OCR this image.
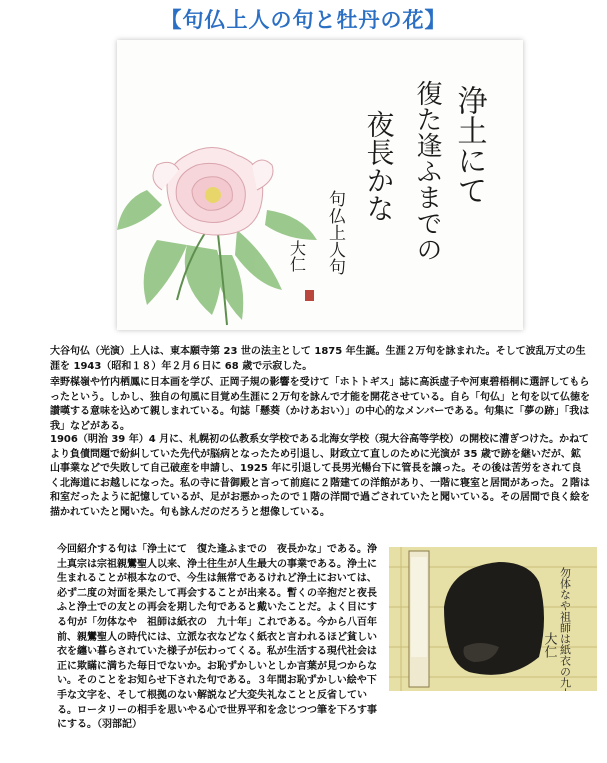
【句仏上人の句と牡丹の花】
浄土にて
復た逢ふまでの
夜長かな
句仏上人句
大仁

大谷句仏（光演）上人は、東本願寺第 23 世の法主として 1875 年生誕。生涯２万句を詠まれた。そして波乱万丈の生涯を 1943（昭和１８）年２月６日に 68 歳で示寂した。

幸野楳嶺や竹内栖鳳に日本画を学び、正岡子規の影響を受けて「ホトトギス」誌に高浜虚子や河東碧梧桐に選評してもらったという。しかし、独自の句風に目覚め生涯に２万句を詠んで才能を開花させている。自ら「句仏」と句を以て仏徳を讃嘆する意味を込めて親しまれている。句誌「懸葵（かけあおい）」の中心的なメンバーである。句集に「夢の跡」「我は我」などがある。

1906（明治 39 年）4 月に、札幌初の仏教系女学校である北海女学校（現大谷高等学校）の開校に漕ぎつけた。かねてより負債問題で紛糾していた先代が脳病となったため引退し、財政立て直しのために光演が 35 歳で跡を継いだが、鉱山事業などで失敗して自己破産を申請し、1925 年に引退して長男光暢台下に管長を譲った。その後は苦労をされて良く北海道にお越しになった。私の寺に昔御殿と言って前庭に２階建ての洋館があり、一階に寝室と居間があった。２階は和室だったように記憶しているが、足がお悪かったので１階の洋間で過ごされていたと聞いている。その居間で良く絵を描かれていたと聞いた。句も詠んだのだろうと想像している。

今回紹介する句は「浄土にて　復た逢ふまでの　夜長かな」である。浄土真宗は宗祖親鸞聖人以来、浄土往生が人生最大の事業である。浄土に生まれることが根本なので、今生は無常であるけれど浄土においては、必ず二度の対面を果たして再会することが出来る。暫くの辛抱だと夜長ふと浄土での友との再会を期した句であると戴いたことだ。よく目にする句が「勿体なや　祖師は紙衣の　九十年」これである。今から八百年前、親鸞聖人の時代には、立派な衣などなく紙衣と言われるほど貧しい衣を纏い暮らされていた様子が伝わってくる。私が生活する現代社会は正に欺瞞に満ちた毎日でないか。お恥ずかしいとしか言葉が見つからない。そのことをお知らせ下された句である。３年間お恥ずかしい絵や下手な文字を、そして根拠のない解説など大変失礼なことと反省している。ロータリーの相手を思いやる心で世界平和を念じつつ筆を下ろす事にする。（羽部記）

勿体なや祖師は紙衣の九十年
大仁
